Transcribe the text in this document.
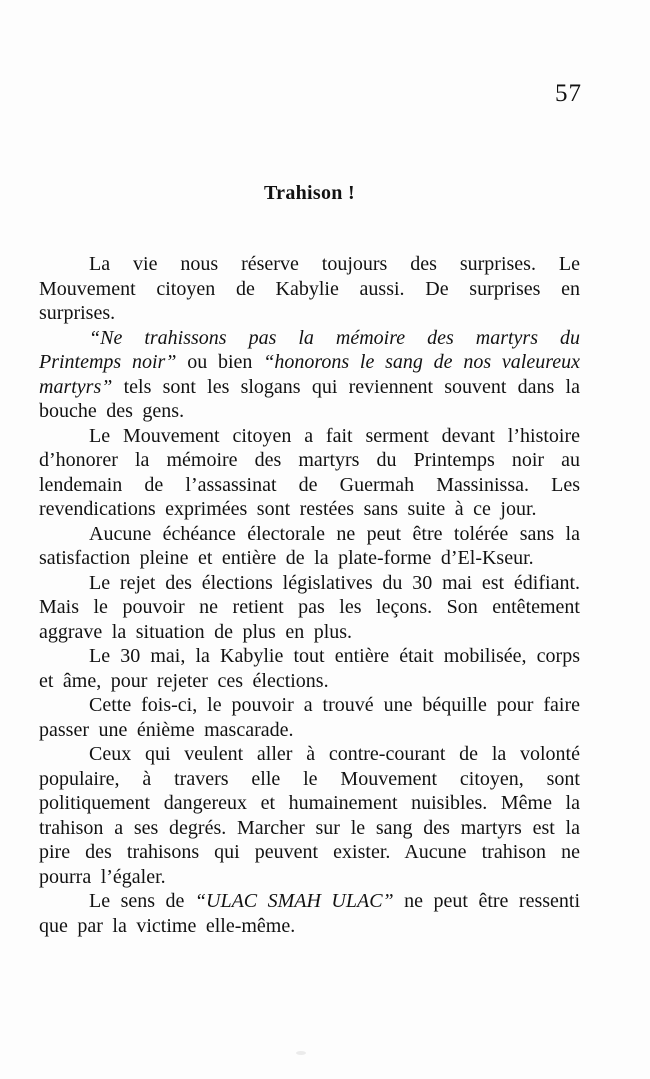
57
Trahison !

La vie nous réserve toujours des surprises. Le Mouvement citoyen de Kabylie aussi. De surprises en surprises.

“Ne trahissons pas la mémoire des martyrs du Printemps noir” ou bien “honorons le sang de nos valeureux martyrs” tels sont les slogans qui reviennent souvent dans la bouche des gens.

Le Mouvement citoyen a fait serment devant l’histoire d’honorer la mémoire des martyrs du Printemps noir au lendemain de l’assassinat de Guermah Massinissa. Les revendications exprimées sont restées sans suite à ce jour.

Aucune échéance électorale ne peut être tolérée sans la satisfaction pleine et entière de la plate-forme d’El-Kseur.

Le rejet des élections législatives du 30 mai est édifiant. Mais le pouvoir ne retient pas les leçons. Son entêtement aggrave la situation de plus en plus.

Le 30 mai, la Kabylie tout entière était mobilisée, corps et âme, pour rejeter ces élections.

Cette fois-ci, le pouvoir a trouvé une béquille pour faire passer une énième mascarade.

Ceux qui veulent aller à contre-courant de la volonté populaire, à travers elle le Mouvement citoyen, sont politiquement dangereux et humainement nuisibles. Même la trahison a ses degrés. Marcher sur le sang des martyrs est la pire des trahisons qui peuvent exister. Aucune trahison ne pourra l’égaler.

Le sens de “ULAC SMAH ULAC” ne peut être ressenti que par la victime elle-même.
